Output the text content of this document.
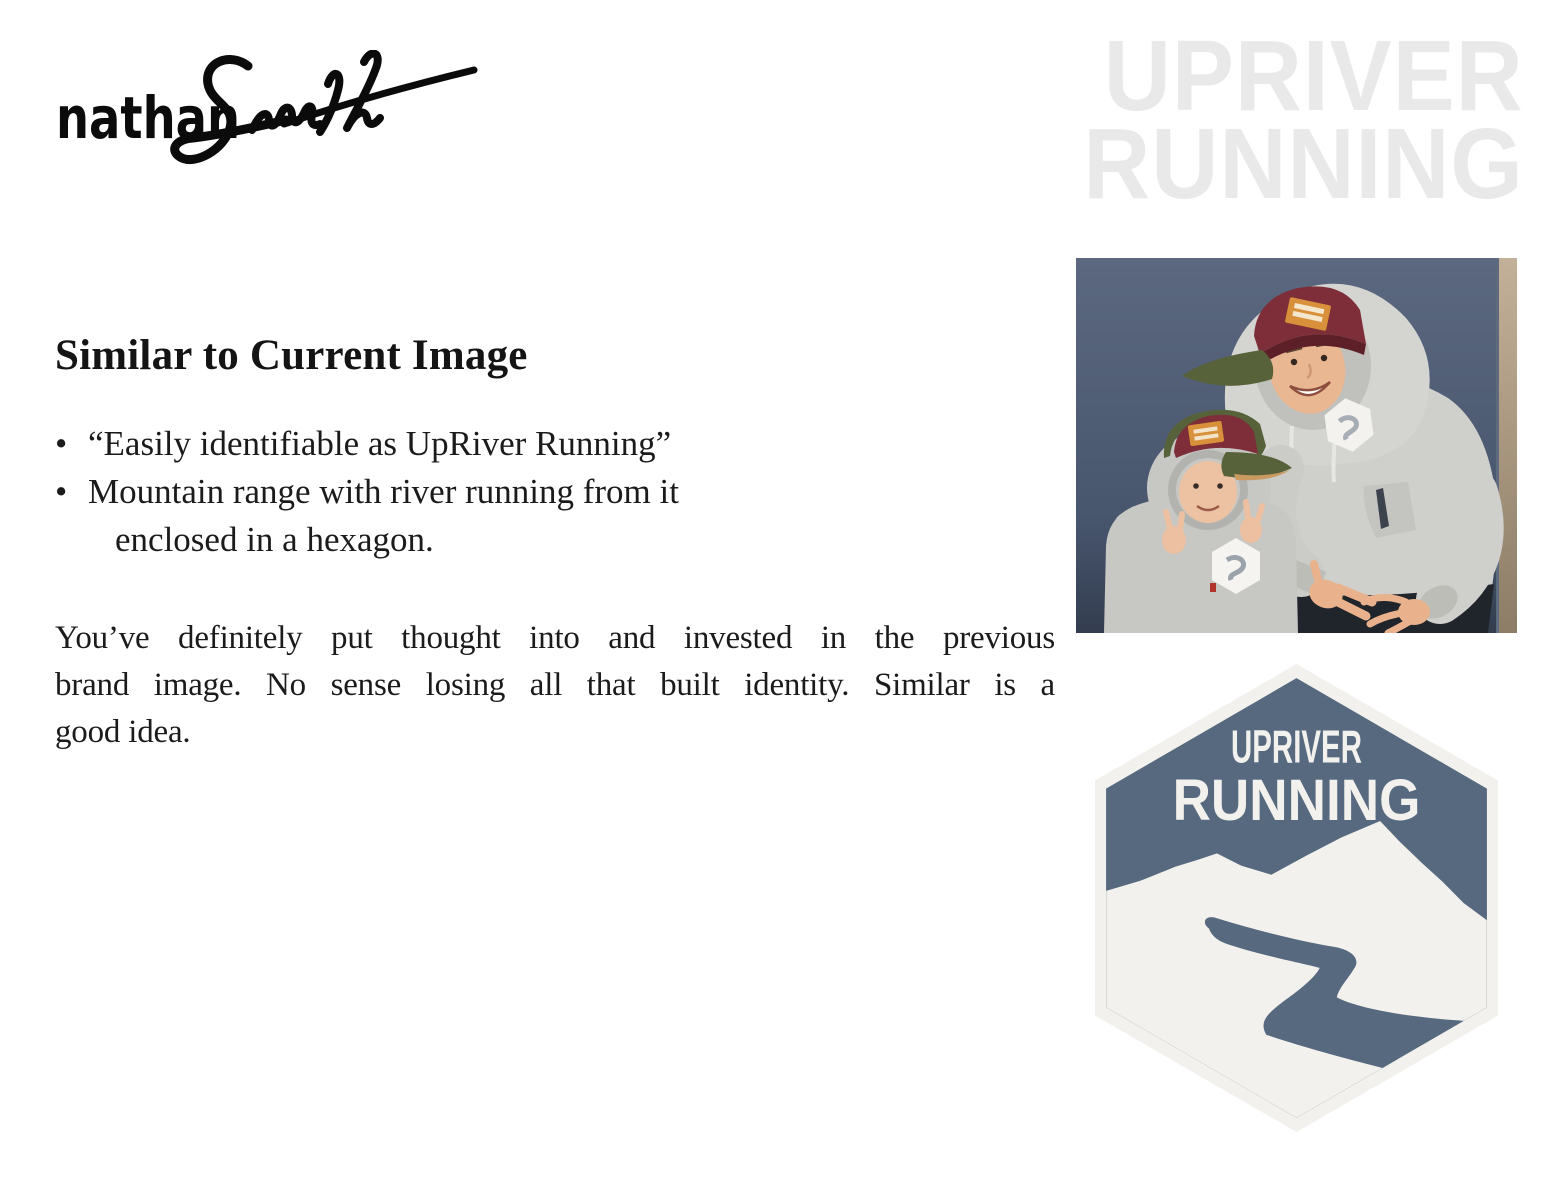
nathan	UPRIVER
RUNNING
Similar to Current Image
• “Easily identifiable as UpRiver Running”
• Mountain range with river running from it
enclosed in a hexagon.
You’ve definitely put thought into and invested in the previous
brand image. No sense losing all that built identity. Similar is a
good idea.	UPRIVER
RUNNING
